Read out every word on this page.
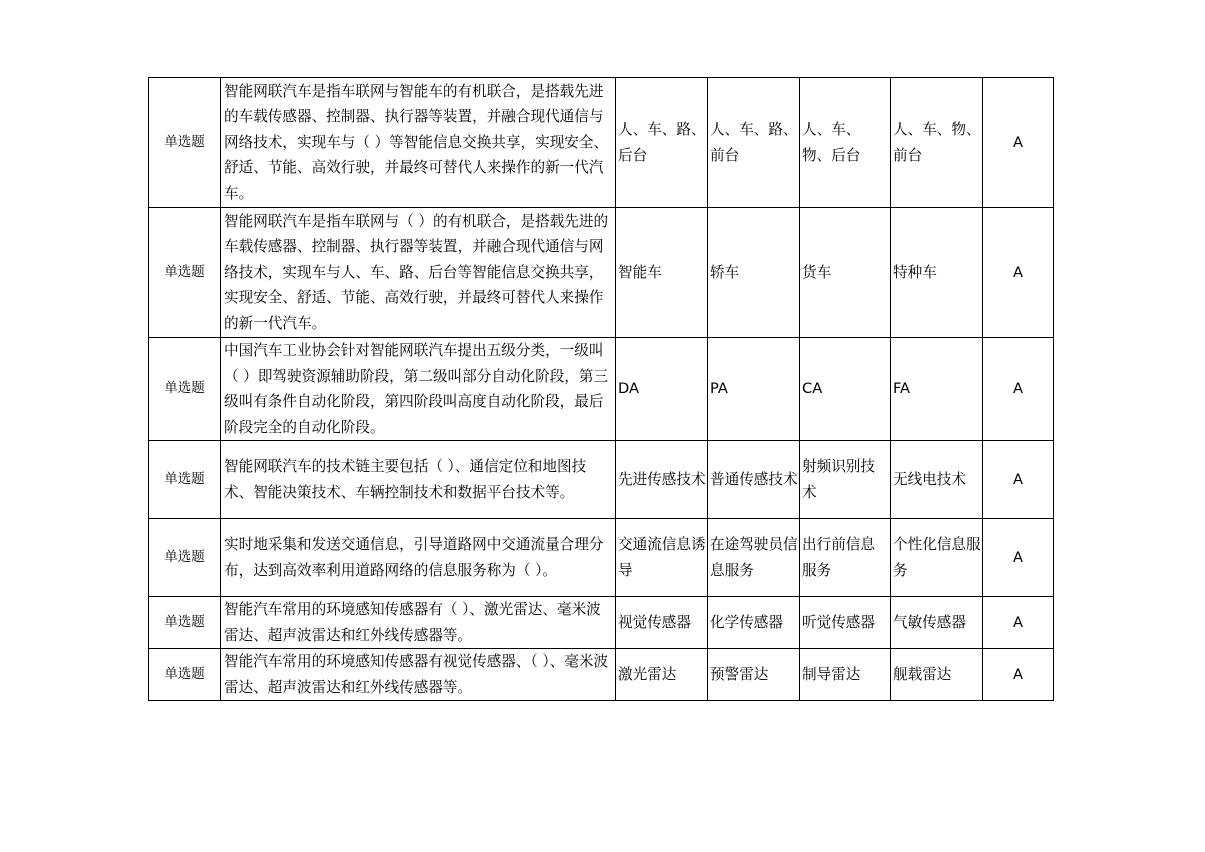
单选题	智能网联汽车是指车联网与智能车的有机联合，是搭载先进的车载传感器、控制器、执行器等装置，并融合现代通信与网络技术，实现车与（ ）等智能信息交换共享，实现安全、舒适、节能、高效行驶，并最终可替代人来操作的新一代汽车。	人、车、路、后台	人、车、路、前台	人、车、物、后台	人、车、物、前台	A
单选题	智能网联汽车是指车联网与（ ）的有机联合，是搭载先进的车载传感器、控制器、执行器等装置，并融合现代通信与网络技术，实现车与人、车、路、后台等智能信息交换共享，实现安全、舒适、节能、高效行驶，并最终可替代人来操作的新一代汽车。	智能车	轿车	货车	特种车	A
单选题	中国汽车工业协会针对智能网联汽车提出五级分类，一级叫（ ）即驾驶资源辅助阶段，第二级叫部分自动化阶段，第三级叫有条件自动化阶段，第四阶段叫高度自动化阶段，最后阶段完全的自动化阶段。	DA	PA	CA	FA	A
单选题	智能网联汽车的技术链主要包括（ ）、通信定位和地图技术、智能决策技术、车辆控制技术和数据平台技术等。	先进传感技术	普通传感技术	射频识别技术	无线电技术	A
单选题	实时地采集和发送交通信息，引导道路网中交通流量合理分布，达到高效率利用道路网络的信息服务称为（ ）。	交通流信息诱导	在途驾驶员信息服务	出行前信息服务	个性化信息服务	A
单选题	智能汽车常用的环境感知传感器有（ ）、激光雷达、毫米波雷达、超声波雷达和红外线传感器等。	视觉传感器	化学传感器	听觉传感器	气敏传感器	A
单选题	智能汽车常用的环境感知传感器有视觉传感器、（ ）、毫米波雷达、超声波雷达和红外线传感器等。	激光雷达	预警雷达	制导雷达	舰载雷达	A
